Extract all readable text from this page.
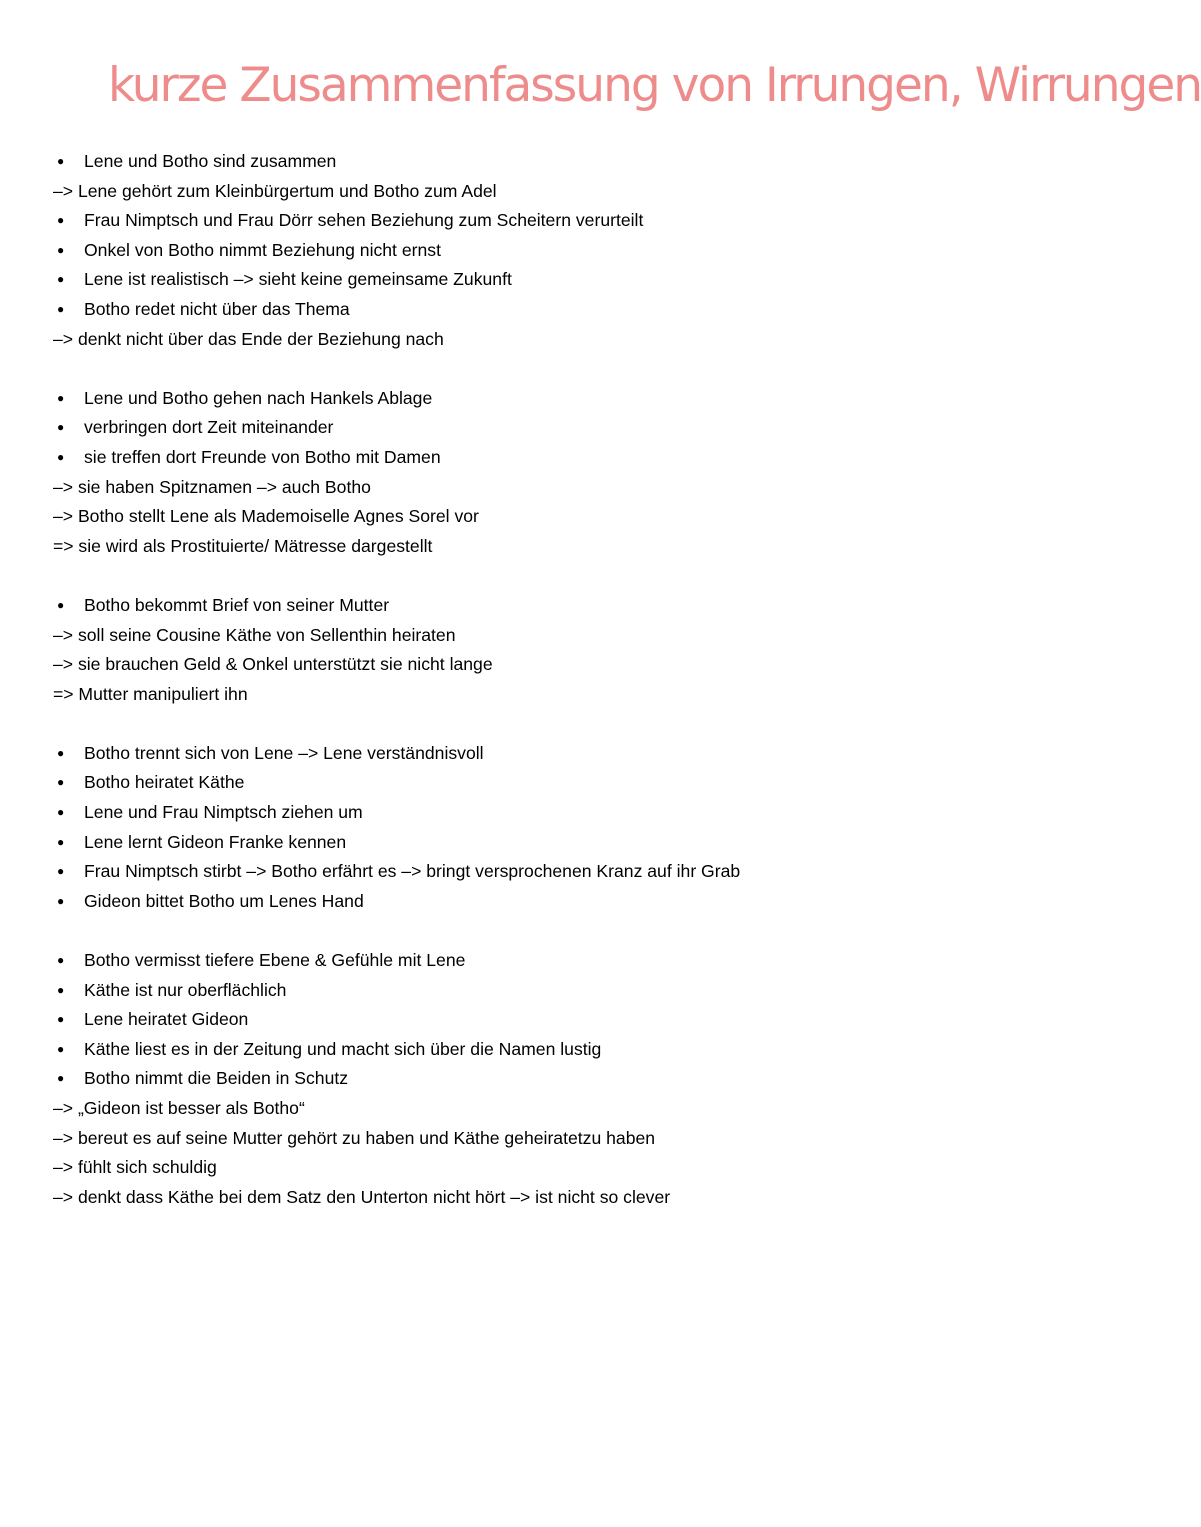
kurze Zusammenfassung von Irrungen, Wirrungen
● Lene und Botho sind zusammen
–> Lene gehört zum Kleinbürgertum und Botho zum Adel
● Frau Nimptsch und Frau Dörr sehen Beziehung zum Scheitern verurteilt
● Onkel von Botho nimmt Beziehung nicht ernst
● Lene ist realistisch –> sieht keine gemeinsame Zukunft
● Botho redet nicht über das Thema
–> denkt nicht über das Ende der Beziehung nach
● Lene und Botho gehen nach Hankels Ablage
● verbringen dort Zeit miteinander
● sie treffen dort Freunde von Botho mit Damen
–> sie haben Spitznamen –> auch Botho
–> Botho stellt Lene als Mademoiselle Agnes Sorel vor
=> sie wird als Prostituierte/ Mätresse dargestellt
● Botho bekommt Brief von seiner Mutter
–> soll seine Cousine Käthe von Sellenthin heiraten
–> sie brauchen Geld & Onkel unterstützt sie nicht lange
=> Mutter manipuliert ihn
● Botho trennt sich von Lene –> Lene verständnisvoll
● Botho heiratet Käthe
● Lene und Frau Nimptsch ziehen um
● Lene lernt Gideon Franke kennen
● Frau Nimptsch stirbt –> Botho erfährt es –> bringt versprochenen Kranz auf ihr Grab
● Gideon bittet Botho um Lenes Hand
● Botho vermisst tiefere Ebene & Gefühle mit Lene
● Käthe ist nur oberflächlich
● Lene heiratet Gideon
● Käthe liest es in der Zeitung und macht sich über die Namen lustig
● Botho nimmt die Beiden in Schutz
–> „Gideon ist besser als Botho“
–> bereut es auf seine Mutter gehört zu haben und Käthe geheiratetzu haben
–> fühlt sich schuldig
–> denkt dass Käthe bei dem Satz den Unterton nicht hört –> ist nicht so clever
